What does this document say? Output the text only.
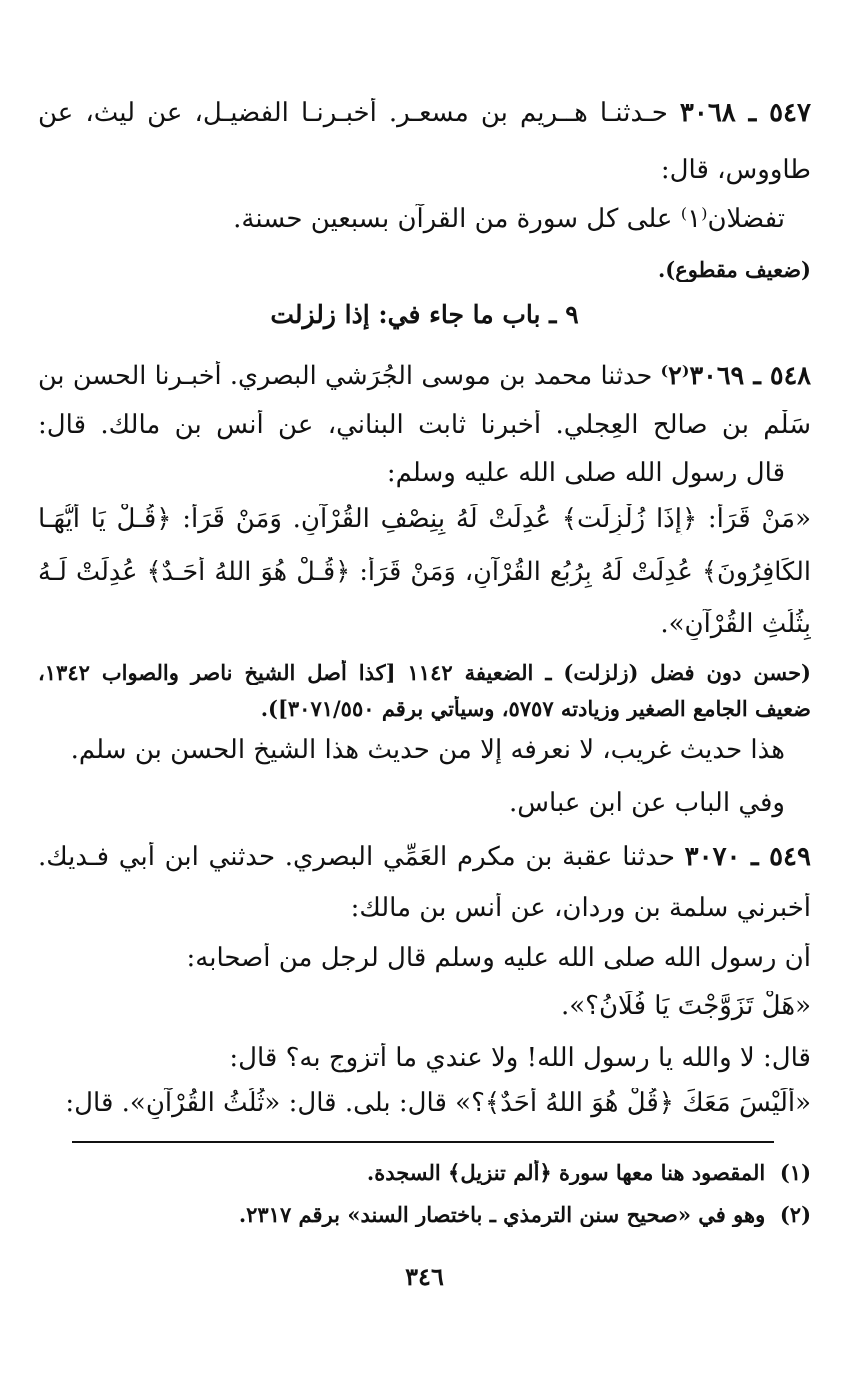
٥٤٧ ـ ٣٠٦٨ حـدثنـا هــريم بن مسعـر. أخبـرنـا الفضيـل، عن ليث، عن
طاووس، قال:
تفضلان⁽١⁾ على كل سورة من القرآن بسبعين حسنة.
(ضعيف مقطوع).
٩ ـ باب ما جاء في: إذا زلزلت
٥٤٨ ـ ٣٠٦٩⁽٢⁾ حدثنا محمد بن موسى الجُرَشي البصري. أخبـرنا الحسن بن
سَلْم بن صالح العِجلي. أخبرنا ثابت البناني، عن أنس بن مالك. قال:
قال رسول الله صلى الله عليه وسلم:
«مَنْ قَرَأَ: ﴿إِذَا زُلْزِلَت﴾ عُدِلَتْ لَهُ بِنِصْفِ القُرْآنِ. وَمَنْ قَرَأَ: ﴿قُـلْ يَا أَيُّهَـا
الكَافِرُونَ﴾ عُدِلَتْ لَهُ بِرُبُعِ القُرْآنِ، وَمَنْ قَرَأَ: ﴿قُـلْ هُوَ اللهُ أَحَـدٌ﴾ عُدِلَتْ لَـهُ
بِثُلُثِ القُرْآنِ».
(حسن دون فضل (زلزلت) ـ الضعيفة ١١٤٢ [كذا أصل الشيخ ناصر والصواب ١٣٤٢،
ضعيف الجامع الصغير وزيادته ٥٧٥٧، وسيأتي برقم ٣٠٧١/٥٥٠]).
هذا حديث غريب، لا نعرفه إلا من حديث هذا الشيخ الحسن بن سلم.
وفي الباب عن ابن عباس.
٥٤٩ ـ ٣٠٧٠ حدثنا عقبة بن مكرم العَمِّي البصري. حدثني ابن أبي فـديك.
أخبرني سلمة بن وردان، عن أنس بن مالك:
أن رسول الله صلى الله عليه وسلم قال لرجل من أصحابه:
«هَلْ تَزَوَّجْتَ يَا فُلَانُ؟».
قال: لا والله يا رسول الله! ولا عندي ما أتزوج به؟ قال:
«أَلَيْسَ مَعَكَ ﴿قُلْ هُوَ اللهُ أَحَدٌ﴾؟» قال: بلى. قال: «ثُلُثُ القُرْآنِ». قال:
(١)  المقصود هنا معها سورة ﴿ألم تنزيل﴾ السجدة.
(٢)  وهو في «صحيح سنن الترمذي ـ باختصار السند» برقم ٢٣١٧.
٣٤٦
